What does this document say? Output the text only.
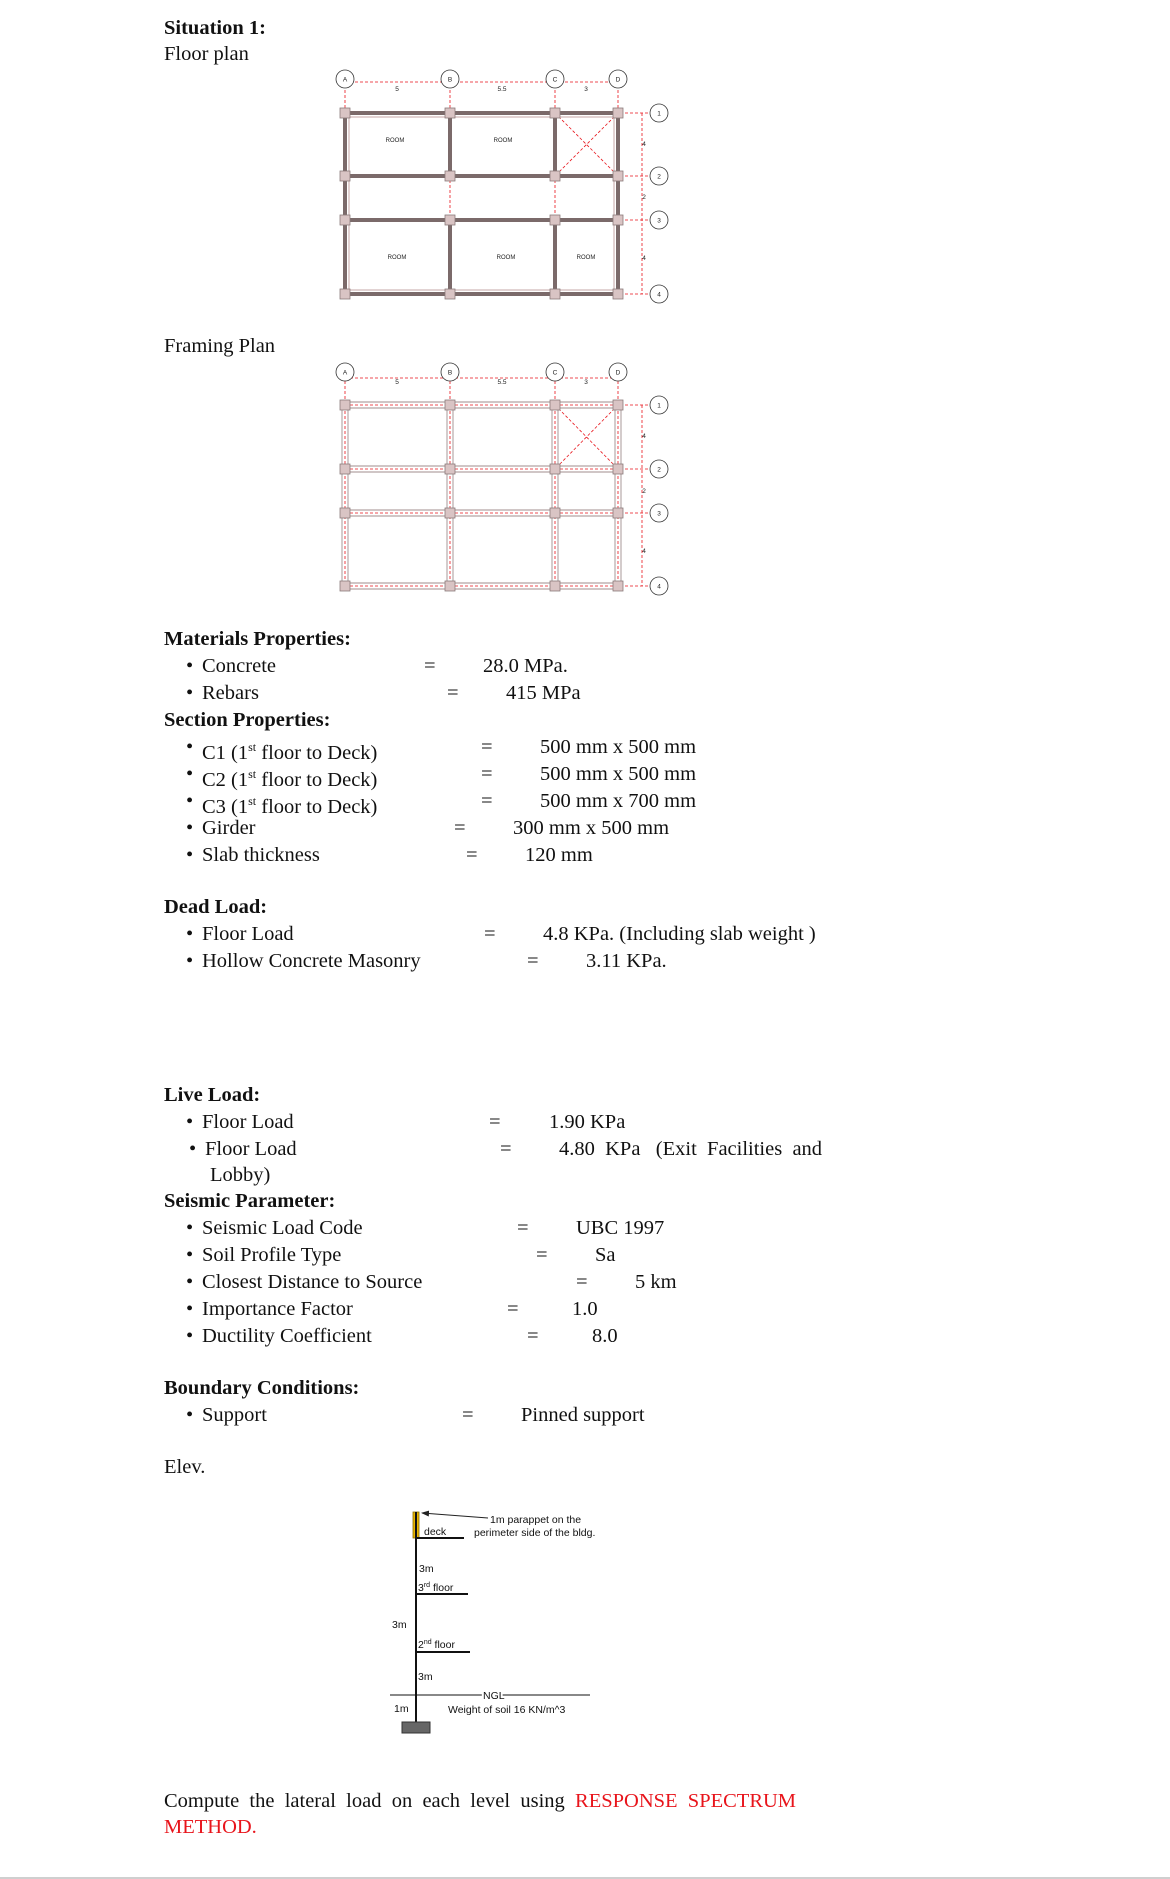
Situation 1:
Floor plan
A	B	C	D
1
2
3
4
5	5.5	3
4
2
4
ROOM	ROOM
ROOM	ROOM	ROOM
Framing Plan
A	B	C	D
1
2
3
4
5	5.5	3
4
2
4
Materials Properties:
• Concrete	= 28.0 MPa.
• Rebars	= 415 MPa
Section Properties:
• C1 (1st floor to Deck)	= 500 mm x 500 mm
• C2 (1st floor to Deck)	= 500 mm x 500 mm
• C3 (1st floor to Deck)	= 500 mm x 700 mm
• Girder	= 300 mm x 500 mm
• Slab thickness	= 120 mm
Dead Load:
• Floor Load	= 4.8 KPa. (Including slab weight )
• Hollow Concrete Masonry	= 3.11 KPa.
Live Load:
• Floor Load	= 1.90 KPa
• Floor Load	= 4.80  KPa   (Exit  Facilities  and
Lobby)
Seismic Parameter:
• Seismic Load Code	= UBC 1997
• Soil Profile Type	= Sa
• Closest Distance to Source	= 5 km
• Importance Factor	=	1.0
• Ductility Coefficient	=	8.0
Boundary Conditions:
• Support	= Pinned support
Elev.
1m parappet on the
perimeter side of the bldg.
deck
3m
3rd floor
3m
2nd floor
3m
NGL
1m	Weight of soil 16 KN/m^3
Compute  the  lateral  load  on  each  level  using RESPONSE  SPECTRUM
METHOD.
